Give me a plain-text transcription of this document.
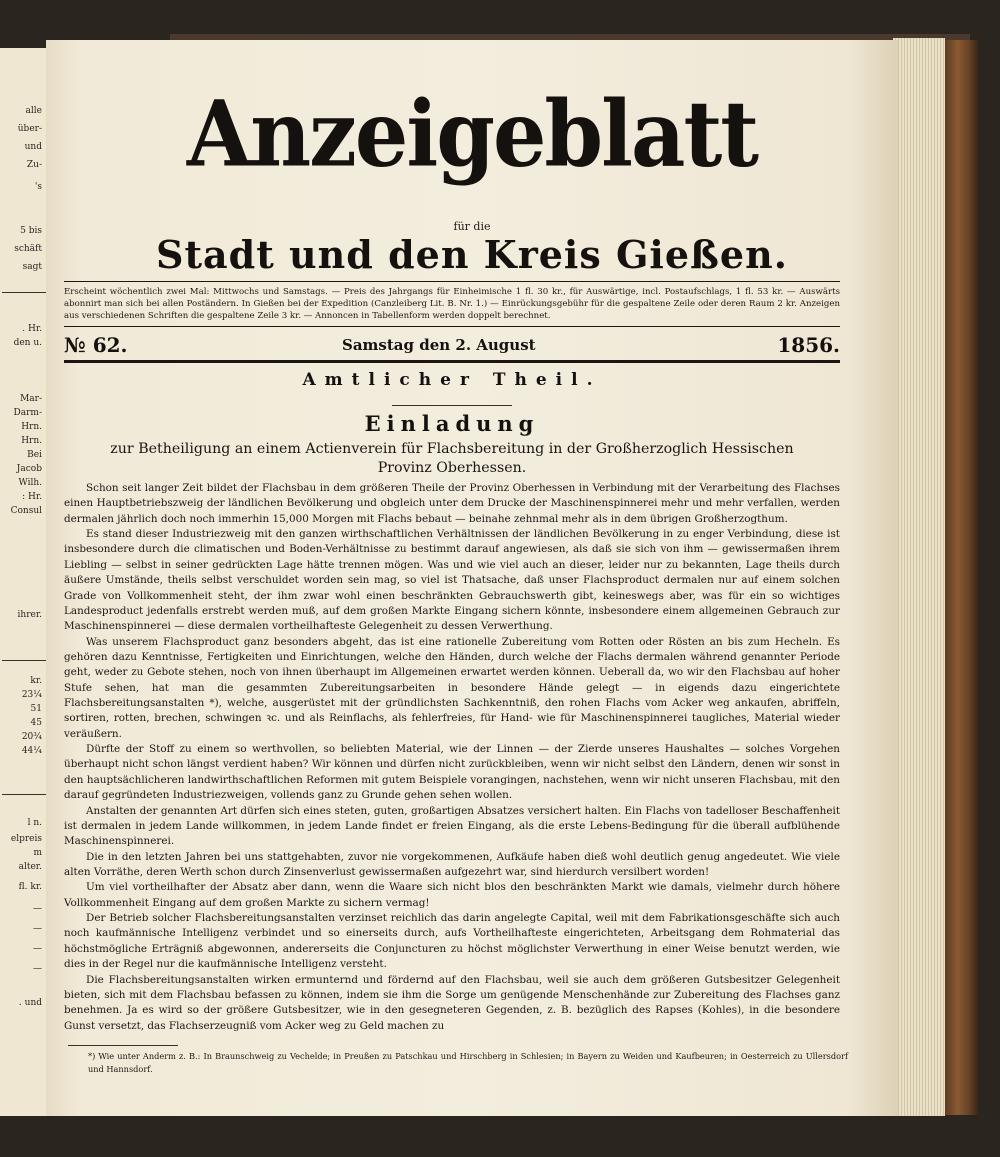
alle
über-
und
Zu-
's
5 bis
schäft
sagt
. Hr.
den u.
Mar-
Darm-
Hrn.
Hrn.
Bei
Jacob
Wilh.
: Hr.
Consul
ihrer.
kr.
23¼
51
45
20¾
44¼
l n.
elpreis
m
alter.
fl. kr.
—
—
—
—
. und
Anzeigeblatt
für die
Stadt und den Kreis Gießen.
Erscheint wöchentlich zwei Mal: Mittwochs und Samstags. — Preis des Jahrgangs für Einheimische 1 fl. 30 kr., für Auswärtige, incl. Postaufschlags, 1 fl. 53 kr. — Auswärts abonnirt man sich bei allen Poständern. In Gießen bei der Expedition (Canzleiberg Lit. B. Nr. 1.) — Einrückungsgebühr für die gespaltene Zeile oder deren Raum 2 kr. Anzeigen aus verschiedenen Schriften die gespaltene Zeile 3 kr. — Annoncen in Tabellenform werden doppelt berechnet.
№ 62.	Samstag den 2. August	1856.
Amtlicher Theil.
Einladung
zur Betheiligung an einem Actienverein für Flachsbereitung in der Großherzoglich Hessischen
Provinz Oberhessen.

Schon seit langer Zeit bildet der Flachsbau in dem größeren Theile der Provinz Oberhessen in Verbindung mit der Verarbeitung des Flachses einen Hauptbetriebszweig der ländlichen Bevölkerung und obgleich unter dem Drucke der Maschinenspinnerei mehr und mehr verfallen, werden dermalen jährlich doch noch immerhin 15,000 Morgen mit Flachs bebaut — beinahe zehnmal mehr als in dem übrigen Großherzogthum.

Es stand dieser Industriezweig mit den ganzen wirthschaftlichen Verhältnissen der ländlichen Bevölkerung in zu enger Verbindung, diese ist insbesondere durch die climatischen und Boden-Verhältnisse zu bestimmt darauf angewiesen, als daß sie sich von ihm — gewissermaßen ihrem Liebling — selbst in seiner gedrückten Lage hätte trennen mögen. Was und wie viel auch an dieser, leider nur zu bekannten, Lage theils durch äußere Umstände, theils selbst verschuldet worden sein mag, so viel ist Thatsache, daß unser Flachsproduct dermalen nur auf einem solchen Grade von Vollkommenheit steht, der ihm zwar wohl einen beschränkten Gebrauchswerth gibt, keineswegs aber, was für ein so wichtiges Landesproduct jedenfalls erstrebt werden muß, auf dem großen Markte Eingang sichern könnte, insbesondere einem allgemeinen Gebrauch zur Maschinenspinnerei — diese dermalen vortheilhafteste Gelegenheit zu dessen Verwerthung.

Was unserem Flachsproduct ganz besonders abgeht, das ist eine rationelle Zubereitung vom Rotten oder Rösten an bis zum Hecheln. Es gehören dazu Kenntnisse, Fertigkeiten und Einrichtungen, welche den Händen, durch welche der Flachs dermalen während genannter Periode geht, weder zu Gebote stehen, noch von ihnen überhaupt im Allgemeinen erwartet werden können. Ueberall da, wo wir den Flachsbau auf hoher Stufe sehen, hat man die gesammten Zubereitungsarbeiten in besondere Hände gelegt — in eigends dazu eingerichtete Flachsbereitungsanstalten *), welche, ausgerüstet mit der gründlichsten Sachkenntniß, den rohen Flachs vom Acker weg ankaufen, abriffeln, sortiren, rotten, brechen, schwingen ꝛc. und als Reinflachs, als fehlerfreies, für Hand- wie für Maschinenspinnerei taugliches, Material wieder veräußern.

Dürfte der Stoff zu einem so werthvollen, so beliebten Material, wie der Linnen — der Zierde unseres Haushaltes — solches Vorgehen überhaupt nicht schon längst verdient haben? Wir können und dürfen nicht zurückbleiben, wenn wir nicht selbst den Ländern, denen wir sonst in den hauptsächlicheren landwirthschaftlichen Reformen mit gutem Beispiele vorangingen, nachstehen, wenn wir nicht unseren Flachsbau, mit den darauf gegründeten Industriezweigen, vollends ganz zu Grunde gehen sehen wollen.

Anstalten der genannten Art dürfen sich eines steten, guten, großartigen Absatzes versichert halten. Ein Flachs von tadelloser Beschaffenheit ist dermalen in jedem Lande willkommen, in jedem Lande findet er freien Eingang, als die erste Lebens-Bedingung für die überall aufblühende Maschinenspinnerei.

Die in den letzten Jahren bei uns stattgehabten, zuvor nie vorgekommenen, Aufkäufe haben dieß wohl deutlich genug angedeutet. Wie viele alten Vorräthe, deren Werth schon durch Zinsenverlust gewissermaßen aufgezehrt war, sind hierdurch versilbert worden!

Um viel vortheilhafter der Absatz aber dann, wenn die Waare sich nicht blos den beschränkten Markt wie damals, vielmehr durch höhere Vollkommenheit Eingang auf dem großen Markte zu sichern vermag!

Der Betrieb solcher Flachsbereitungsanstalten verzinset reichlich das darin angelegte Capital, weil mit dem Fabrikationsgeschäfte sich auch noch kaufmännische Intelligenz verbindet und so einerseits durch, aufs Vortheilhafteste eingerichteten, Arbeitsgang dem Rohmaterial das höchstmögliche Erträgniß abgewonnen, andererseits die Conjuncturen zu höchst möglichster Verwerthung in einer Weise benutzt werden, wie dies in der Regel nur die kaufmännische Intelligenz versteht.

Die Flachsbereitungsanstalten wirken ermunternd und fördernd auf den Flachsbau, weil sie auch dem größeren Gutsbesitzer Gelegenheit bieten, sich mit dem Flachsbau befassen zu können, indem sie ihm die Sorge um genügende Menschenhände zur Zubereitung des Flachses ganz benehmen. Ja es wird so der größere Gutsbesitzer, wie in den gesegneteren Gegenden, z. B. bezüglich des Rapses (Kohles), in die besondere Gunst versetzt, das Flachserzeugniß vom Acker weg zu Geld machen zu

*) Wie unter Anderm z. B.: In Braunschweig zu Vechelde; in Preußen zu Patschkau und Hirschberg in Schlesien; in Bayern zu Weiden und Kaufbeuren; in Oesterreich zu Ullersdorf und Hannsdorf.
